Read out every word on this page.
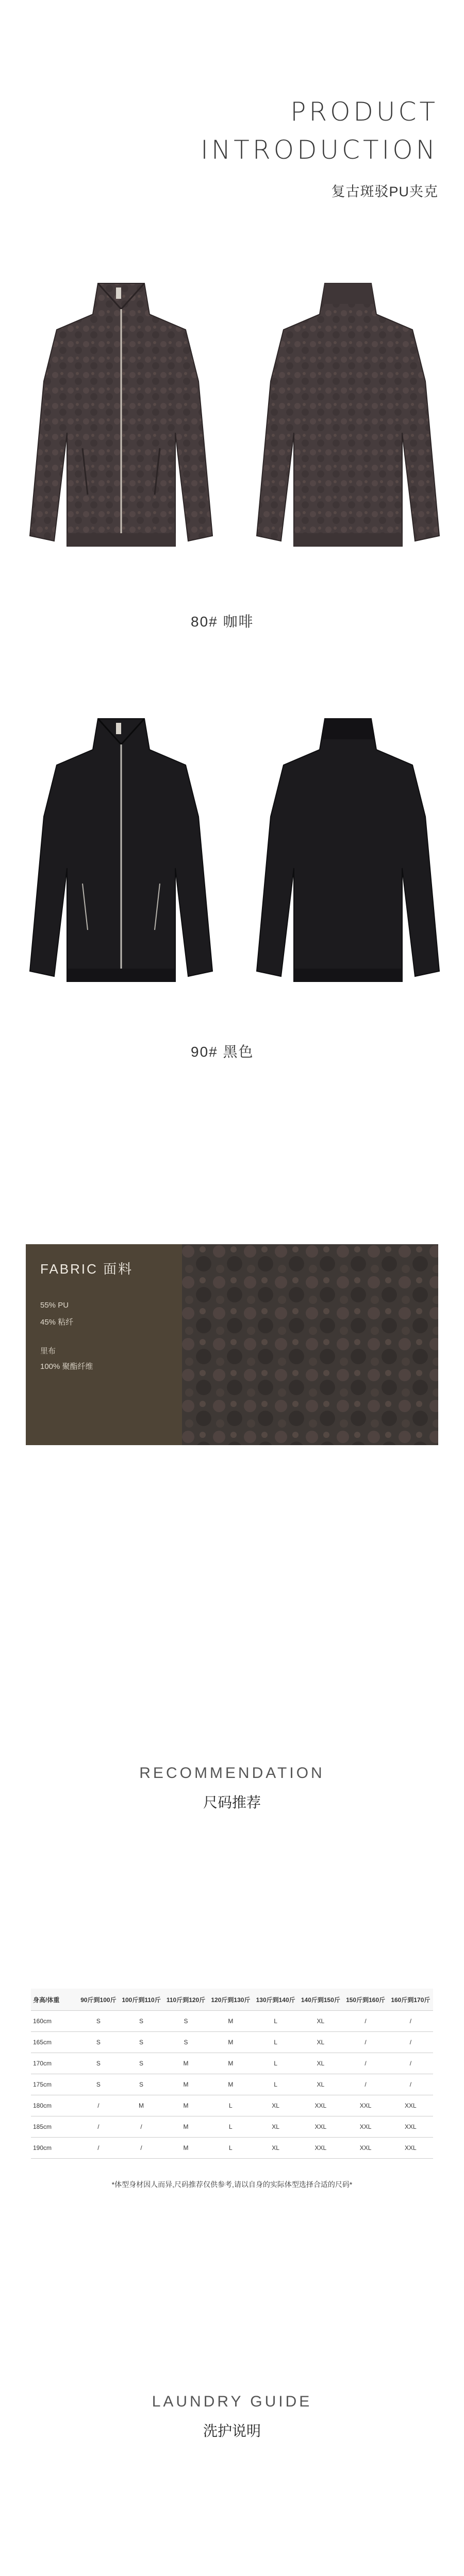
PRODUCT
INTRODUCTION
复古斑驳PU夹克
80# 咖啡
90# 黑色
FABRIC 面料
55% PU
45% 粘纤
里布
100% 聚酯纤维
RECOMMENDATION
尺码推荐
身高/体重	90斤到100斤	100斤到110斤	110斤到120斤	120斤到130斤	130斤到140斤	140斤到150斤	150斤到160斤	160斤到170斤
160cm	S	S	S	M	L	XL	/	/
165cm	S	S	S	M	L	XL	/	/
170cm	S	S	M	M	L	XL	/	/
175cm	S	S	M	M	L	XL	/	/
180cm	/	M	M	L	XL	XXL	XXL	XXL
185cm	/	/	M	L	XL	XXL	XXL	XXL
190cm	/	/	M	L	XL	XXL	XXL	XXL
*体型身材因人而异,尺码推荐仅供参考,请以自身的实际体型选择合适的尺码*
LAUNDRY GUIDE
洗护说明
